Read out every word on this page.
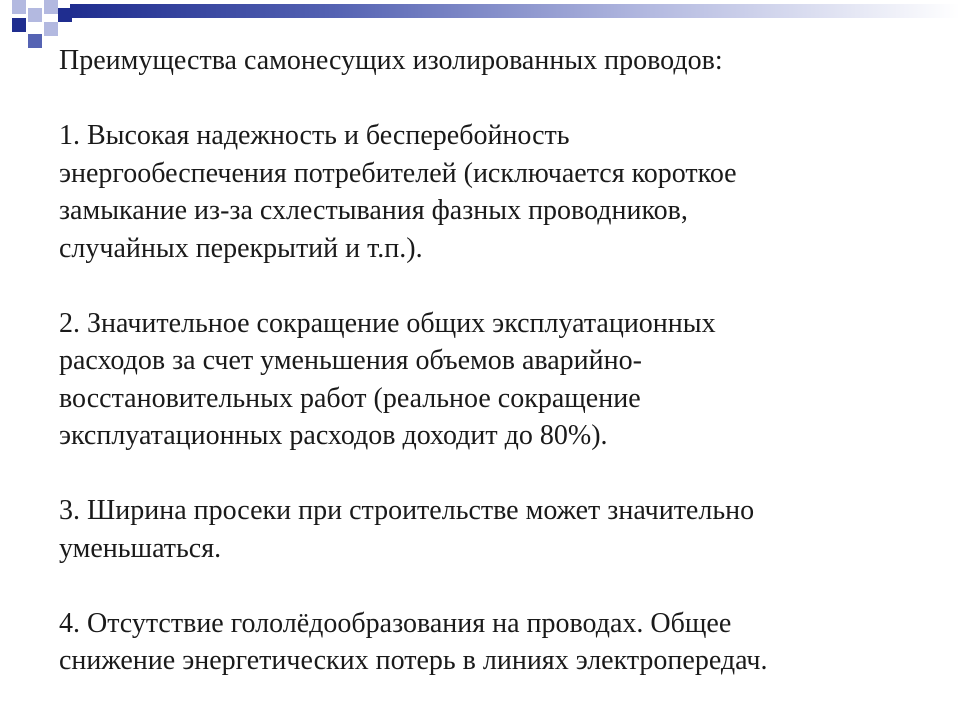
Преимущества самонесущих изолированных проводов:

1. Высокая надежность и бесперебойность

энергообеспечения потребителей (исключается короткое

замыкание из-за схлестывания фазных проводников,

случайных перекрытий и т.п.).

2. Значительное сокращение общих эксплуатационных

расходов за счет уменьшения объемов аварийно-

восстановительных работ (реальное сокращение

эксплуатационных расходов доходит до 80%).

3. Ширина просеки при строительстве может значительно

уменьшаться.

4. Отсутствие гололёдообразования на проводах. Общее

снижение энергетических потерь в линиях электропередач.
